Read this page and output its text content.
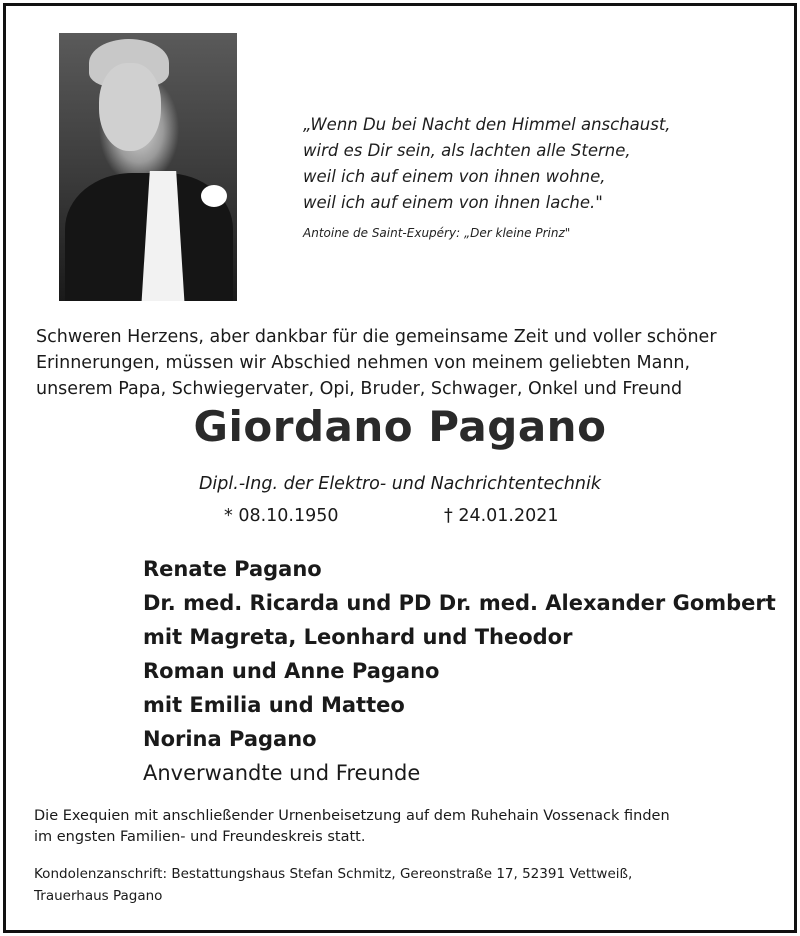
„Wenn Du bei Nacht den Himmel anschaust,
wird es Dir sein, als lachten alle Sterne,
weil ich auf einem von ihnen wohne,
weil ich auf einem von ihnen lache."
Antoine de Saint-Exupéry: „Der kleine Prinz"
Schweren Herzens, aber dankbar für die gemeinsame Zeit und voller schöner
Erinnerungen, müssen wir Abschied nehmen von meinem geliebten Mann,
unserem Papa, Schwiegervater, Opi, Bruder, Schwager, Onkel und Freund
Giordano Pagano
Dipl.-Ing. der Elektro- und Nachrichtentechnik
* 08.10.1950	† 24.01.2021
Renate Pagano
Dr. med. Ricarda und PD Dr. med. Alexander Gombert
mit Magreta, Leonhard und Theodor
Roman und Anne Pagano
mit Emilia und Matteo
Norina Pagano
Anverwandte und Freunde
Die Exequien mit anschließender Urnenbeisetzung auf dem Ruhehain Vossenack finden
im engsten Familien- und Freundeskreis statt.
Kondolenzanschrift: Bestattungshaus Stefan Schmitz, Gereonstraße 17, 52391 Vettweiß,
Trauerhaus Pagano
